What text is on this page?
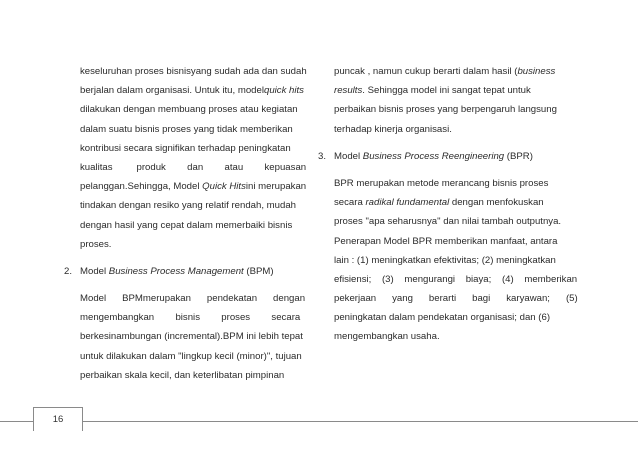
keseluruhan proses bisnisyang sudah ada dan sudah
berjalan dalam organisasi. Untuk itu, modelquick hits
dilakukan dengan membuang proses atau kegiatan
dalam suatu bisnis proses yang tidak memberikan
kontribusi secara signifikan terhadap peningkatan
kualitas         produk        dan        atau        kepuasan
pelanggan.Sehingga, Model Quick Hitsini merupakan
tindakan dengan resiko yang relatif rendah, mudah
dengan hasil yang cepat dalam memerbaiki bisnis
proses.
2. Model Business Process Management (BPM)
Model      BPMmerupakan      pendekatan      dengan
mengembangkan        bisnis        proses        secara
berkesinambungan (incremental).BPM ini lebih tepat
untuk dilakukan dalam "lingkup kecil (minor)", tujuan
perbaikan skala kecil, dan keterlibatan pimpinan
puncak , namun cukup berarti dalam hasil (business
results. Sehingga model ini sangat tepat untuk
perbaikan bisnis proses yang berpengaruh langsung
terhadap kinerja organisasi.
3. Model Business Process Reengineering (BPR)
BPR merupakan metode merancang bisnis proses
secara radikal fundamental dengan menfokuskan
proses "apa seharusnya" dan nilai tambah outputnya.
Penerapan Model BPR memberikan manfaat, antara
lain : (1) meningkatkan efektivitas; (2) meningkatkan
efisiensi;    (3)    mengurangi    biaya;    (4)    memberikan
pekerjaan      yang      berarti      bagi      karyawan;      (5)
peningkatan dalam pendekatan organisasi; dan (6)
mengembangkan usaha.
16
